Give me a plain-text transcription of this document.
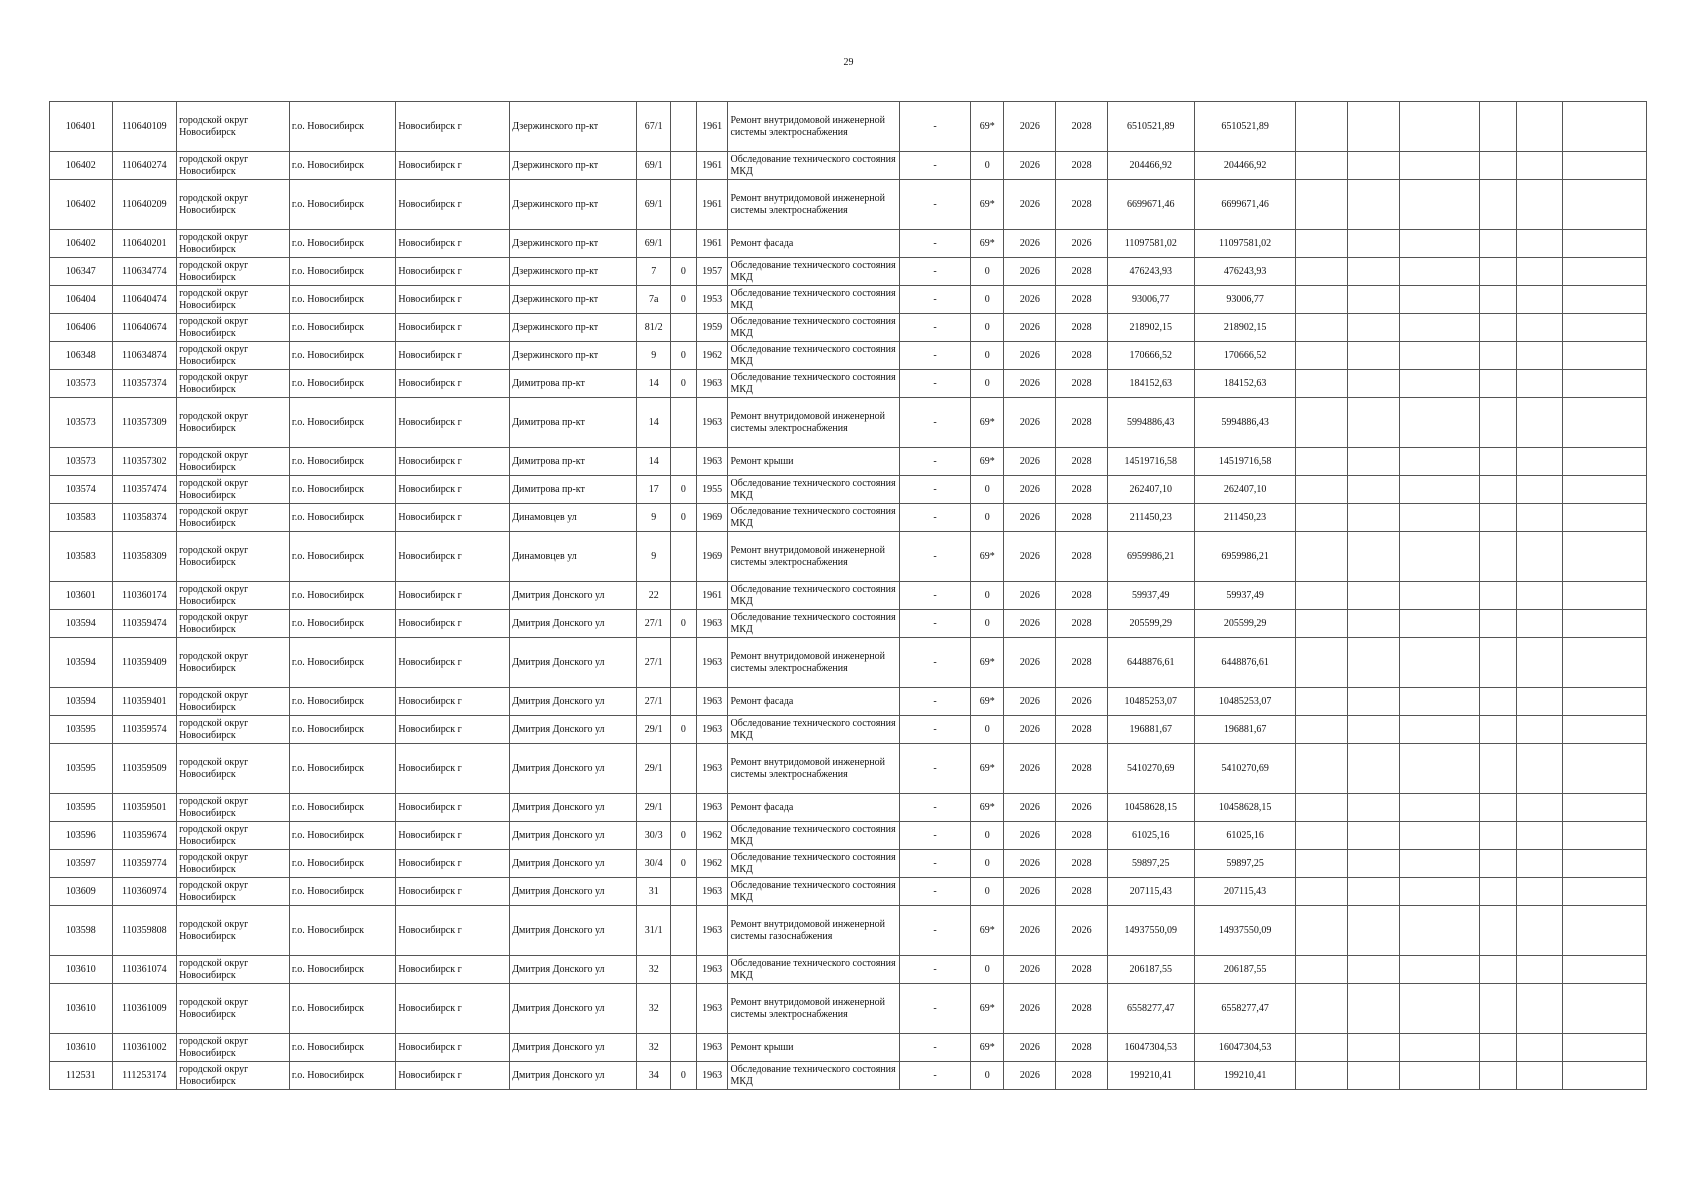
29
106401	110640109	городской округ Новосибирск	г.о. Новосибирск	Новосибирск г	Дзержинского пр-кт	67/1		1961	Ремонт внутридомовой инженерной системы электроснабжения	-	69*	2026	2028	6510521,89	6510521,89						
106402	110640274	городской округ Новосибирск	г.о. Новосибирск	Новосибирск г	Дзержинского пр-кт	69/1		1961	Обследование технического состояния МКД	-	0	2026	2028	204466,92	204466,92						
106402	110640209	городской округ Новосибирск	г.о. Новосибирск	Новосибирск г	Дзержинского пр-кт	69/1		1961	Ремонт внутридомовой инженерной системы электроснабжения	-	69*	2026	2028	6699671,46	6699671,46						
106402	110640201	городской округ Новосибирск	г.о. Новосибирск	Новосибирск г	Дзержинского пр-кт	69/1		1961	Ремонт фасада	-	69*	2026	2026	11097581,02	11097581,02						
106347	110634774	городской округ Новосибирск	г.о. Новосибирск	Новосибирск г	Дзержинского пр-кт	7	0	1957	Обследование технического состояния МКД	-	0	2026	2028	476243,93	476243,93						
106404	110640474	городской округ Новосибирск	г.о. Новосибирск	Новосибирск г	Дзержинского пр-кт	7а	0	1953	Обследование технического состояния МКД	-	0	2026	2028	93006,77	93006,77						
106406	110640674	городской округ Новосибирск	г.о. Новосибирск	Новосибирск г	Дзержинского пр-кт	81/2		1959	Обследование технического состояния МКД	-	0	2026	2028	218902,15	218902,15						
106348	110634874	городской округ Новосибирск	г.о. Новосибирск	Новосибирск г	Дзержинского пр-кт	9	0	1962	Обследование технического состояния МКД	-	0	2026	2028	170666,52	170666,52						
103573	110357374	городской округ Новосибирск	г.о. Новосибирск	Новосибирск г	Димитрова пр-кт	14	0	1963	Обследование технического состояния МКД	-	0	2026	2028	184152,63	184152,63						
103573	110357309	городской округ Новосибирск	г.о. Новосибирск	Новосибирск г	Димитрова пр-кт	14		1963	Ремонт внутридомовой инженерной системы электроснабжения	-	69*	2026	2028	5994886,43	5994886,43						
103573	110357302	городской округ Новосибирск	г.о. Новосибирск	Новосибирск г	Димитрова пр-кт	14		1963	Ремонт крыши	-	69*	2026	2028	14519716,58	14519716,58						
103574	110357474	городской округ Новосибирск	г.о. Новосибирск	Новосибирск г	Димитрова пр-кт	17	0	1955	Обследование технического состояния МКД	-	0	2026	2028	262407,10	262407,10						
103583	110358374	городской округ Новосибирск	г.о. Новосибирск	Новосибирск г	Динамовцев ул	9	0	1969	Обследование технического состояния МКД	-	0	2026	2028	211450,23	211450,23						
103583	110358309	городской округ Новосибирск	г.о. Новосибирск	Новосибирск г	Динамовцев ул	9		1969	Ремонт внутридомовой инженерной системы электроснабжения	-	69*	2026	2028	6959986,21	6959986,21						
103601	110360174	городской округ Новосибирск	г.о. Новосибирск	Новосибирск г	Дмитрия Донского ул	22		1961	Обследование технического состояния МКД	-	0	2026	2028	59937,49	59937,49						
103594	110359474	городской округ Новосибирск	г.о. Новосибирск	Новосибирск г	Дмитрия Донского ул	27/1	0	1963	Обследование технического состояния МКД	-	0	2026	2028	205599,29	205599,29						
103594	110359409	городской округ Новосибирск	г.о. Новосибирск	Новосибирск г	Дмитрия Донского ул	27/1		1963	Ремонт внутридомовой инженерной системы электроснабжения	-	69*	2026	2028	6448876,61	6448876,61						
103594	110359401	городской округ Новосибирск	г.о. Новосибирск	Новосибирск г	Дмитрия Донского ул	27/1		1963	Ремонт фасада	-	69*	2026	2026	10485253,07	10485253,07						
103595	110359574	городской округ Новосибирск	г.о. Новосибирск	Новосибирск г	Дмитрия Донского ул	29/1	0	1963	Обследование технического состояния МКД	-	0	2026	2028	196881,67	196881,67						
103595	110359509	городской округ Новосибирск	г.о. Новосибирск	Новосибирск г	Дмитрия Донского ул	29/1		1963	Ремонт внутридомовой инженерной системы электроснабжения	-	69*	2026	2028	5410270,69	5410270,69						
103595	110359501	городской округ Новосибирск	г.о. Новосибирск	Новосибирск г	Дмитрия Донского ул	29/1		1963	Ремонт фасада	-	69*	2026	2026	10458628,15	10458628,15						
103596	110359674	городской округ Новосибирск	г.о. Новосибирск	Новосибирск г	Дмитрия Донского ул	30/3	0	1962	Обследование технического состояния МКД	-	0	2026	2028	61025,16	61025,16						
103597	110359774	городской округ Новосибирск	г.о. Новосибирск	Новосибирск г	Дмитрия Донского ул	30/4	0	1962	Обследование технического состояния МКД	-	0	2026	2028	59897,25	59897,25						
103609	110360974	городской округ Новосибирск	г.о. Новосибирск	Новосибирск г	Дмитрия Донского ул	31		1963	Обследование технического состояния МКД	-	0	2026	2028	207115,43	207115,43						
103598	110359808	городской округ Новосибирск	г.о. Новосибирск	Новосибирск г	Дмитрия Донского ул	31/1		1963	Ремонт внутридомовой инженерной системы газоснабжения	-	69*	2026	2026	14937550,09	14937550,09						
103610	110361074	городской округ Новосибирск	г.о. Новосибирск	Новосибирск г	Дмитрия Донского ул	32		1963	Обследование технического состояния МКД	-	0	2026	2028	206187,55	206187,55						
103610	110361009	городской округ Новосибирск	г.о. Новосибирск	Новосибирск г	Дмитрия Донского ул	32		1963	Ремонт внутридомовой инженерной системы электроснабжения	-	69*	2026	2028	6558277,47	6558277,47						
103610	110361002	городской округ Новосибирск	г.о. Новосибирск	Новосибирск г	Дмитрия Донского ул	32		1963	Ремонт крыши	-	69*	2026	2028	16047304,53	16047304,53						
112531	111253174	городской округ Новосибирск	г.о. Новосибирск	Новосибирск г	Дмитрия Донского ул	34	0	1963	Обследование технического состояния МКД	-	0	2026	2028	199210,41	199210,41						
